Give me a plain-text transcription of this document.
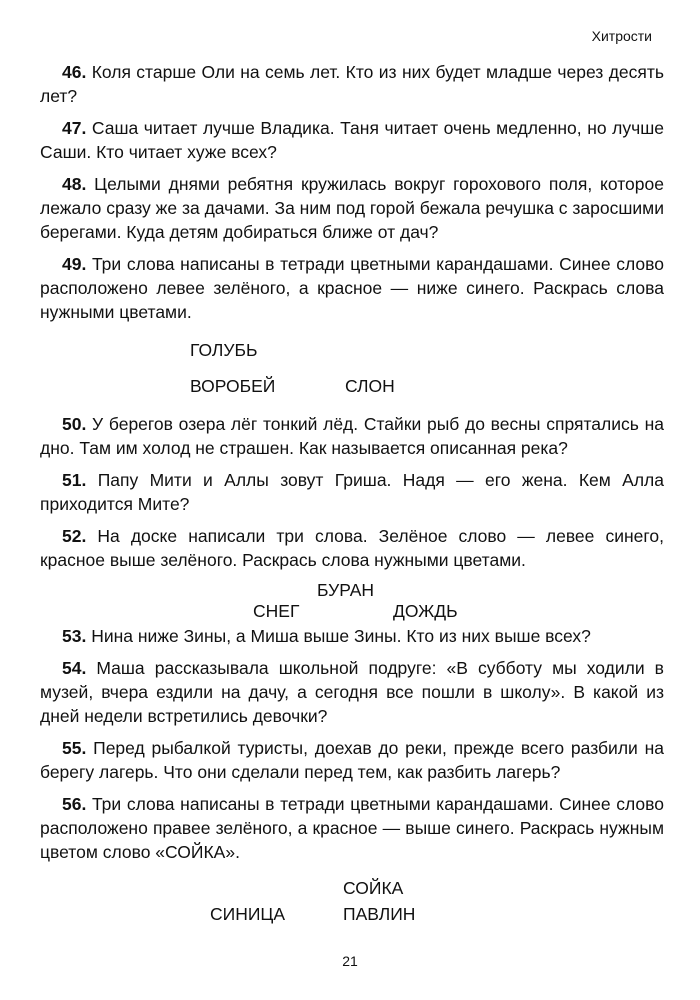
Хитрости

46. Коля старше Оли на семь лет. Кто из них будет младше через десять лет?

47. Саша читает лучше Владика. Таня читает очень медленно, но лучше Саши. Кто читает хуже всех?

48. Целыми днями ребятня кружилась вокруг горохового поля, которое лежало сразу же за дачами. За ним под горой бежала речушка с заросшими берегами. Куда детям добираться ближе от дач?

49. Три слова написаны в тетради цветными карандашами. Синее слово расположено левее зелёного, а красное — ниже синего. Раскрась слова нужными цветами.

ГОЛУБЬ
ВОРОБЕЙ	СЛОН

50. У берегов озера лёг тонкий лёд. Стайки рыб до весны спрятались на дно. Там им холод не страшен. Как называется описанная река?

51. Папу Мити и Аллы зовут Гриша. Надя — его жена. Кем Алла приходится Мите?

52. На доске написали три слова. Зелёное слово — левее синего, красное выше зелёного. Раскрась слова нужными цветами.

БУРАН
СНЕГ	ДОЖДЬ

53. Нина ниже Зины, а Миша выше Зины. Кто из них выше всех?

54. Маша рассказывала школьной подруге: «В субботу мы ходили в музей, вчера ездили на дачу, а сегодня все пошли в школу». В какой из дней недели встретились девочки?

55. Перед рыбалкой туристы, доехав до реки, прежде всего разбили на берегу лагерь. Что они сделали перед тем, как разбить лагерь?

56. Три слова написаны в тетради цветными карандашами. Синее слово расположено правее зелёного, а красное — выше синего. Раскрась нужным цветом слово «СОЙКА».

СОЙКА
СИНИЦА	ПАВЛИН
21
